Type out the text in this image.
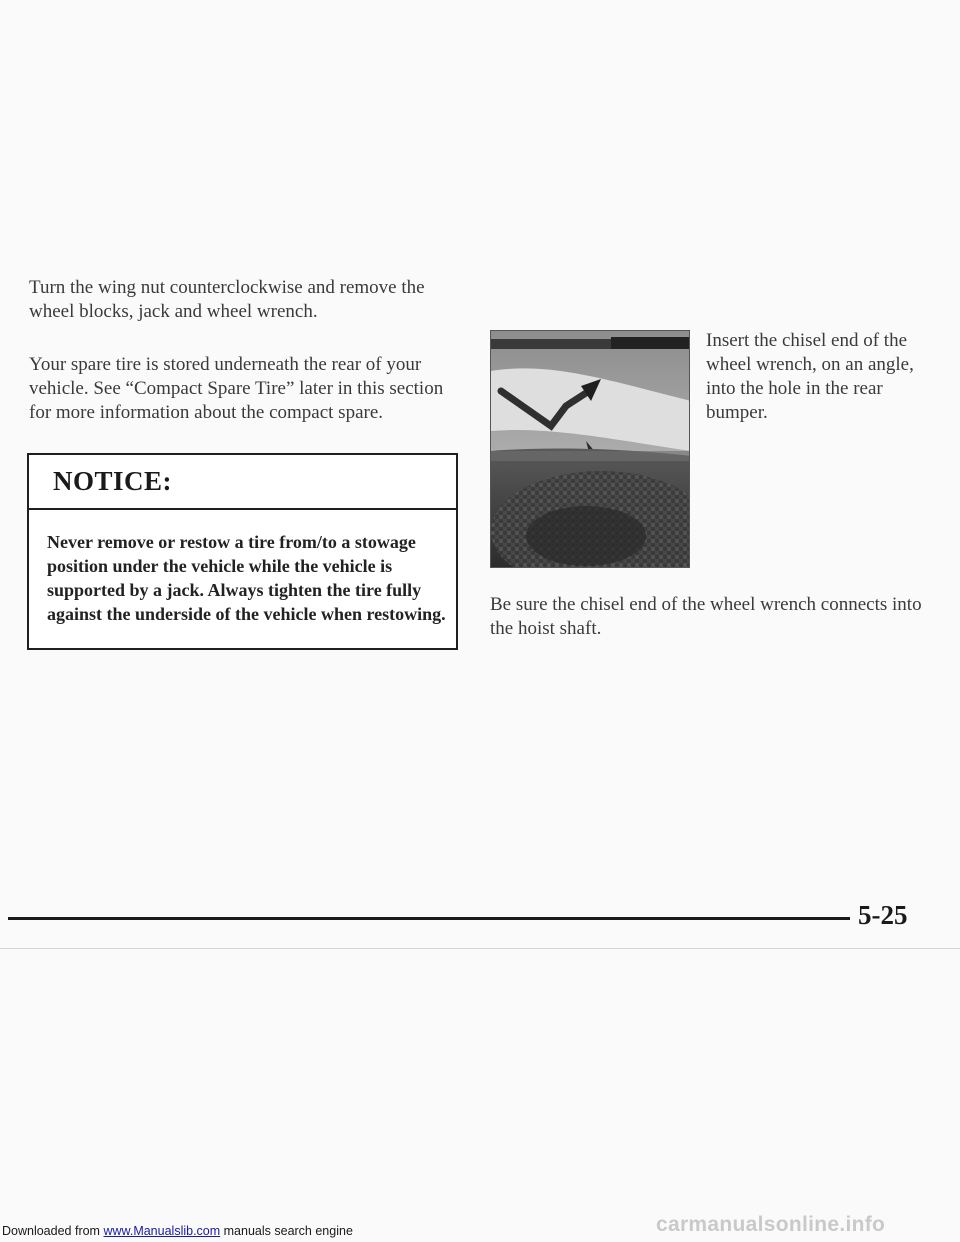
Turn the wing nut counterclockwise and remove the wheel blocks, jack and wheel wrench.

Your spare tire is stored underneath the rear of your vehicle. See “Compact Spare Tire” later in this section for more information about the compact spare.

NOTICE:

Never remove or restow a tire from/to a stowage position under the vehicle while the vehicle is supported by a jack. Always tighten the tire fully against the underside of the vehicle when restowing.

Insert the chisel end of the wheel wrench, on an angle, into the hole in the rear bumper.

Be sure the chisel end of the wheel wrench connects into the hoist shaft.

5-25

carmanualsonline.info
Downloaded from www.Manualslib.com manuals search engine
